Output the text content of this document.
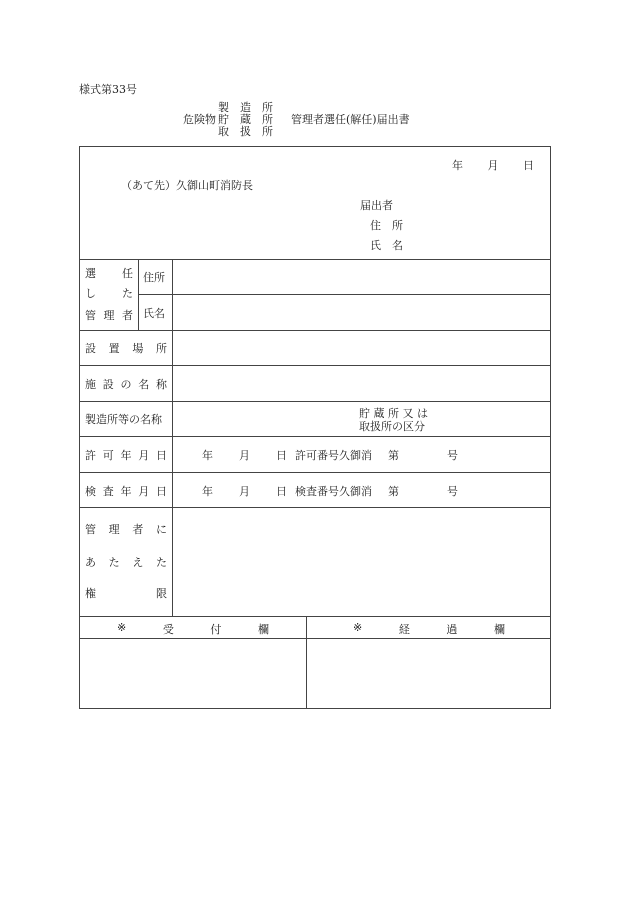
様式第33号
製　造　所
危険物 貯　蔵　所 管理者選任(解任)届出書
取　扱　所
年 月 日
（あて先）久御山町消防長
届出者
住　所
氏　名
選 任
し た
管 理 者
住所
氏名
設 置 場 所
施 設 の 名 称
製造所等の名称	貯 蔵 所 又 は
取扱所の区分
許 可 年 月 日	年 月 日 許可番号久御消 第	号
検 査 年 月 日	年 月 日 検査番号久御消 第	号
管 理 者 に
あ た え た
権	限
※	受	付	欄	※	経	過	欄
